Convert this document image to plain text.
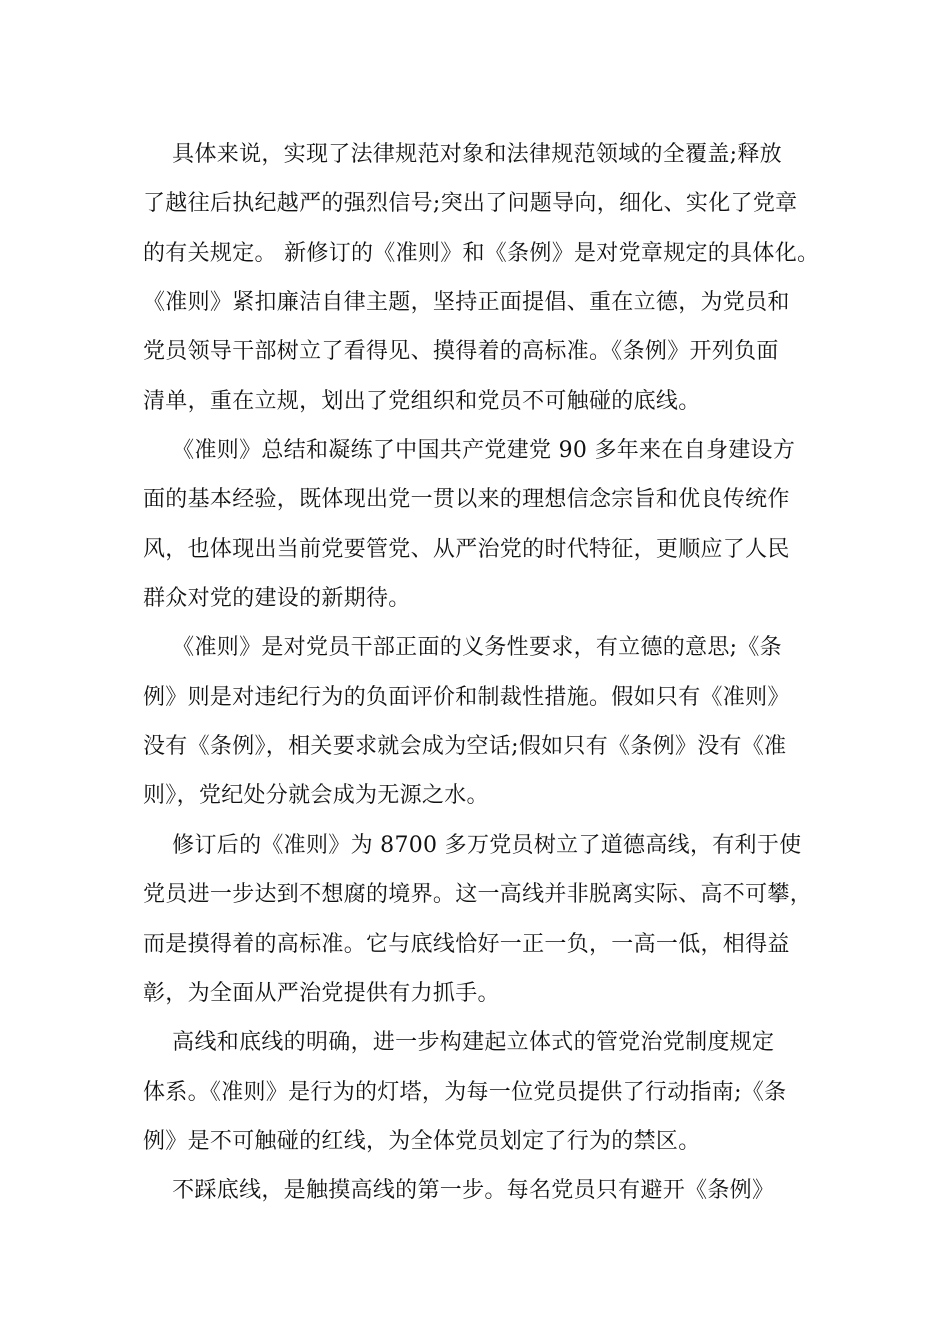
具体来说，实现了法律规范对象和法律规范领域的全覆盖;释放
了越往后执纪越严的强烈信号;突出了问题导向，细化、实化了党章
的有关规定。 新修订的《准则》和《条例》是对党章规定的具体化。
《准则》紧扣廉洁自律主题，坚持正面提倡、重在立德，为党员和
党员领导干部树立了看得见、摸得着的高标准。《条例》开列负面
清单，重在立规，划出了党组织和党员不可触碰的底线。
《准则》总结和凝练了中国共产党建党 90 多年来在自身建设方
面的基本经验，既体现出党一贯以来的理想信念宗旨和优良传统作
风，也体现出当前党要管党、从严治党的时代特征，更顺应了人民
群众对党的建设的新期待。
《准则》是对党员干部正面的义务性要求，有立德的意思;《条
例》则是对违纪行为的负面评价和制裁性措施。假如只有《准则》
没有《条例》，相关要求就会成为空话;假如只有《条例》没有《准
则》，党纪处分就会成为无源之水。
修订后的《准则》为 8700 多万党员树立了道德高线，有利于使
党员进一步达到不想腐的境界。这一高线并非脱离实际、高不可攀，
而是摸得着的高标准。它与底线恰好一正一负，一高一低，相得益
彰，为全面从严治党提供有力抓手。
高线和底线的明确，进一步构建起立体式的管党治党制度规定
体系。《准则》是行为的灯塔，为每一位党员提供了行动指南;《条
例》是不可触碰的红线，为全体党员划定了行为的禁区。
不踩底线，是触摸高线的第一步。每名党员只有避开《条例》
